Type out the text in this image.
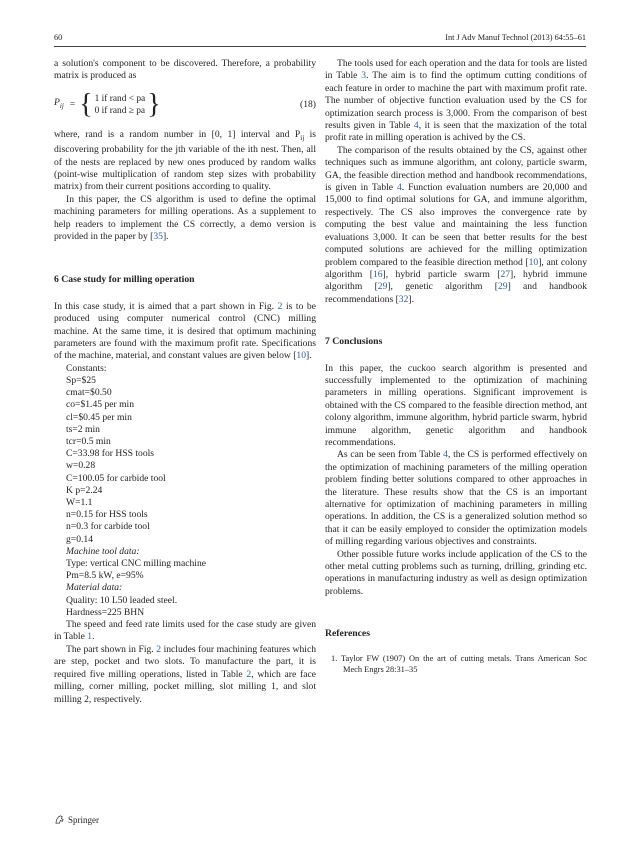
60	Int J Adv Manuf Technol (2013) 64:55–61

a solution's component to be discovered. Therefore, a probability matrix is produced as

$P_{ij}$ = { 1 if rand < pa
0 if rand ≥ pa }	(18)

where, rand is a random number in [0, 1] interval and $P_{ij}$ is discovering probability for the jth variable of the ith nest. Then, all of the nests are replaced by new ones produced by random walks (point-wise multiplication of random step sizes with probability matrix) from their current positions according to quality.

In this paper, the CS algorithm is used to define the optimal machining parameters for milling operations. As a supplement to help readers to implement the CS correctly, a demo version is provided in the paper by [35].

6 Case study for milling operation

In this case study, it is aimed that a part shown in Fig. 2 is to be produced using computer numerical control (CNC) milling machine. At the same time, it is desired that optimum machining parameters are found with the maximum profit rate. Specifications of the machine, material, and constant values are given below [10].

Constants:
Sp=$25
cmat=$0.50
co=$1.45 per min
cl=$0.45 per min
ts=2 min
tcr=0.5 min
C=33.98 for HSS tools
w=0.28
C=100.05 for carbide tool
K p=2.24
W=1.1
n=0.15 for HSS tools
n=0.3 for carbide tool
g=0.14
Machine tool data:
Type: vertical CNC milling machine
Pm=8.5 kW, e=95%
Material data:
Quality: 10 L50 leaded steel.
Hardness=225 BHN

The speed and feed rate limits used for the case study are given in Table 1.

The part shown in Fig. 2 includes four machining features which are step, pocket and two slots. To manufacture the part, it is required five milling operations, listed in Table 2, which are face milling, corner milling, pocket milling, slot milling 1, and slot milling 2, respectively.

The tools used for each operation and the data for tools are listed in Table 3. The aim is to find the optimum cutting conditions of each feature in order to machine the part with maximum profit rate. The number of objective function evaluation used by the CS for optimization search process is 3,000. From the comparison of best results given in Table 4, it is seen that the maxization of the total profit rate in milling operation is achived by the CS.

The comparison of the results obtained by the CS, against other techniques such as immune algorithm, ant colony, particle swarm, GA, the feasible direction method and handbook recommendations, is given in Table 4. Function evaluation numbers are 20,000 and 15,000 to find optimal solutions for GA, and immune algorithm, respectively. The CS also improves the convergence rate by computing the best value and maintaining the less function evaluations 3,000. It can be seen that better results for the best computed solutions are achieved for the milling optimization problem compared to the feasible direction method [10], ant colony algorithm [16], hybrid particle swarm [27], hybrid immune algorithm [29], genetic algorithm [29] and handbook recommendations [32].

7 Conclusions

In this paper, the cuckoo search algorithm is presented and successfully implemented to the optimization of machining parameters in milling operations. Significant improvement is obtained with the CS compared to the feasible direction method, ant colony algorithm, immune algorithm, hybrid particle swarm, hybrid immune algorithm, genetic algorithm and handbook recommendations.

As can be seen from Table 4, the CS is performed effectively on the optimization of machining parameters of the milling operation problem finding better solutions compared to other approaches in the literature. These results show that the CS is an important alternative for optimization of machining parameters in milling operations. In addition, the CS is a generalized solution method so that it can be easily employed to consider the optimization models of milling regarding various objectives and constraints.

Other possible future works include application of the CS to the other metal cutting problems such as turning, drilling, grinding etc. operations in manufacturing industry as well as design optimization problems.

References

1. Taylor FW (1907) On the art of cutting metals. Trans American Soc Mech Engrs 28:31–35

Springer
